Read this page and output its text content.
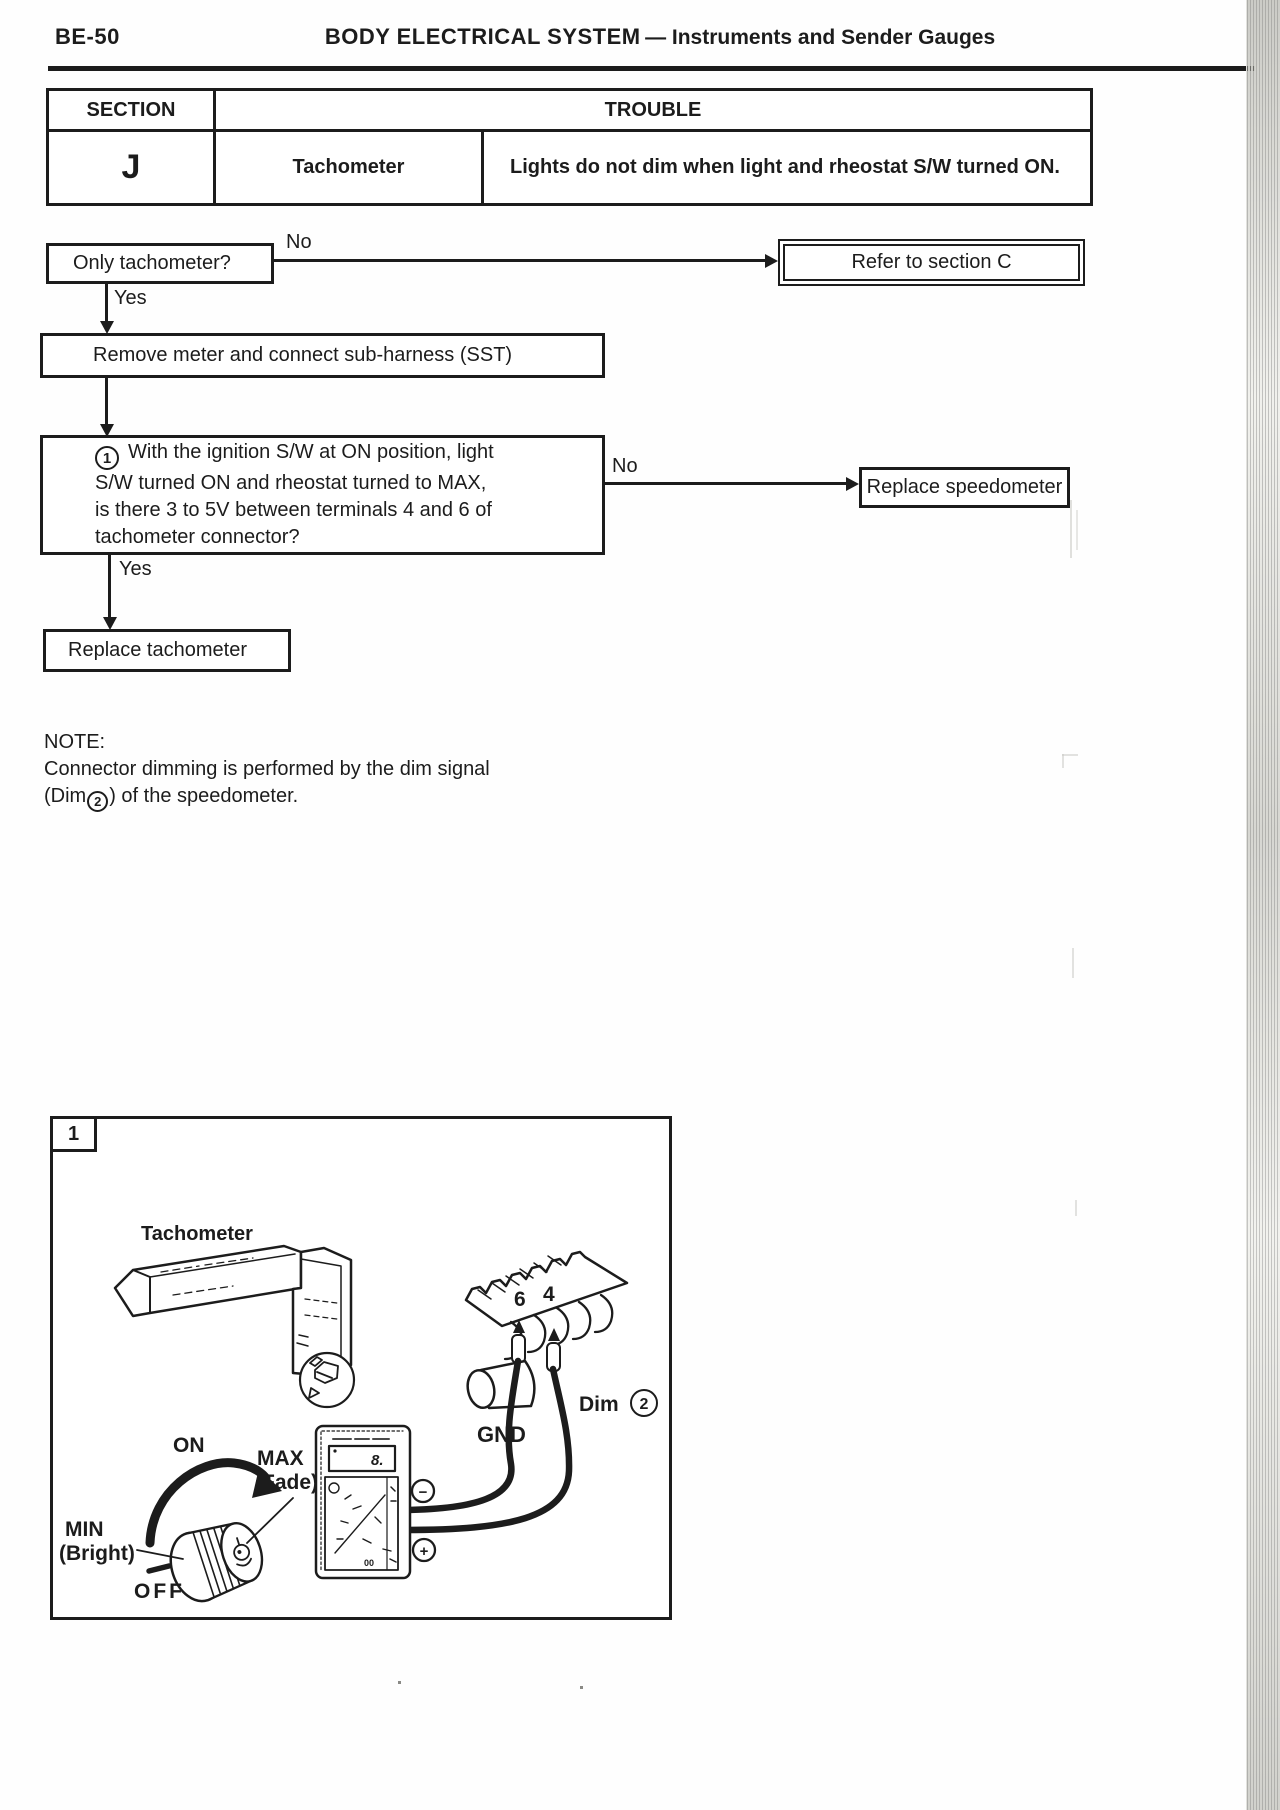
BE-50	BODY ELECTRICAL SYSTEM — Instruments and Sender Gauges
SECTION	TROUBLE
J	Tachometer	Lights do not dim when light and rheostat S/W turned ON.
Only tachometer?
No
Refer to section C
Yes
Remove meter and connect sub-harness (SST)
1 With the ignition S/W at ON position, light
S/W turned ON and rheostat turned to MAX,
is there 3 to 5V between terminals 4 and 6 of
tachometer connector?
No
Replace speedometer
Yes
Replace tachometer
NOTE:
Connector dimming is performed by the dim signal
(Dim 2 ) of the speedometer.
1
Tachometer
6 4
GND
Dim 2
ON
MAX
(Fade)
MIN
(Bright)
OFF
8.
00
−
+
